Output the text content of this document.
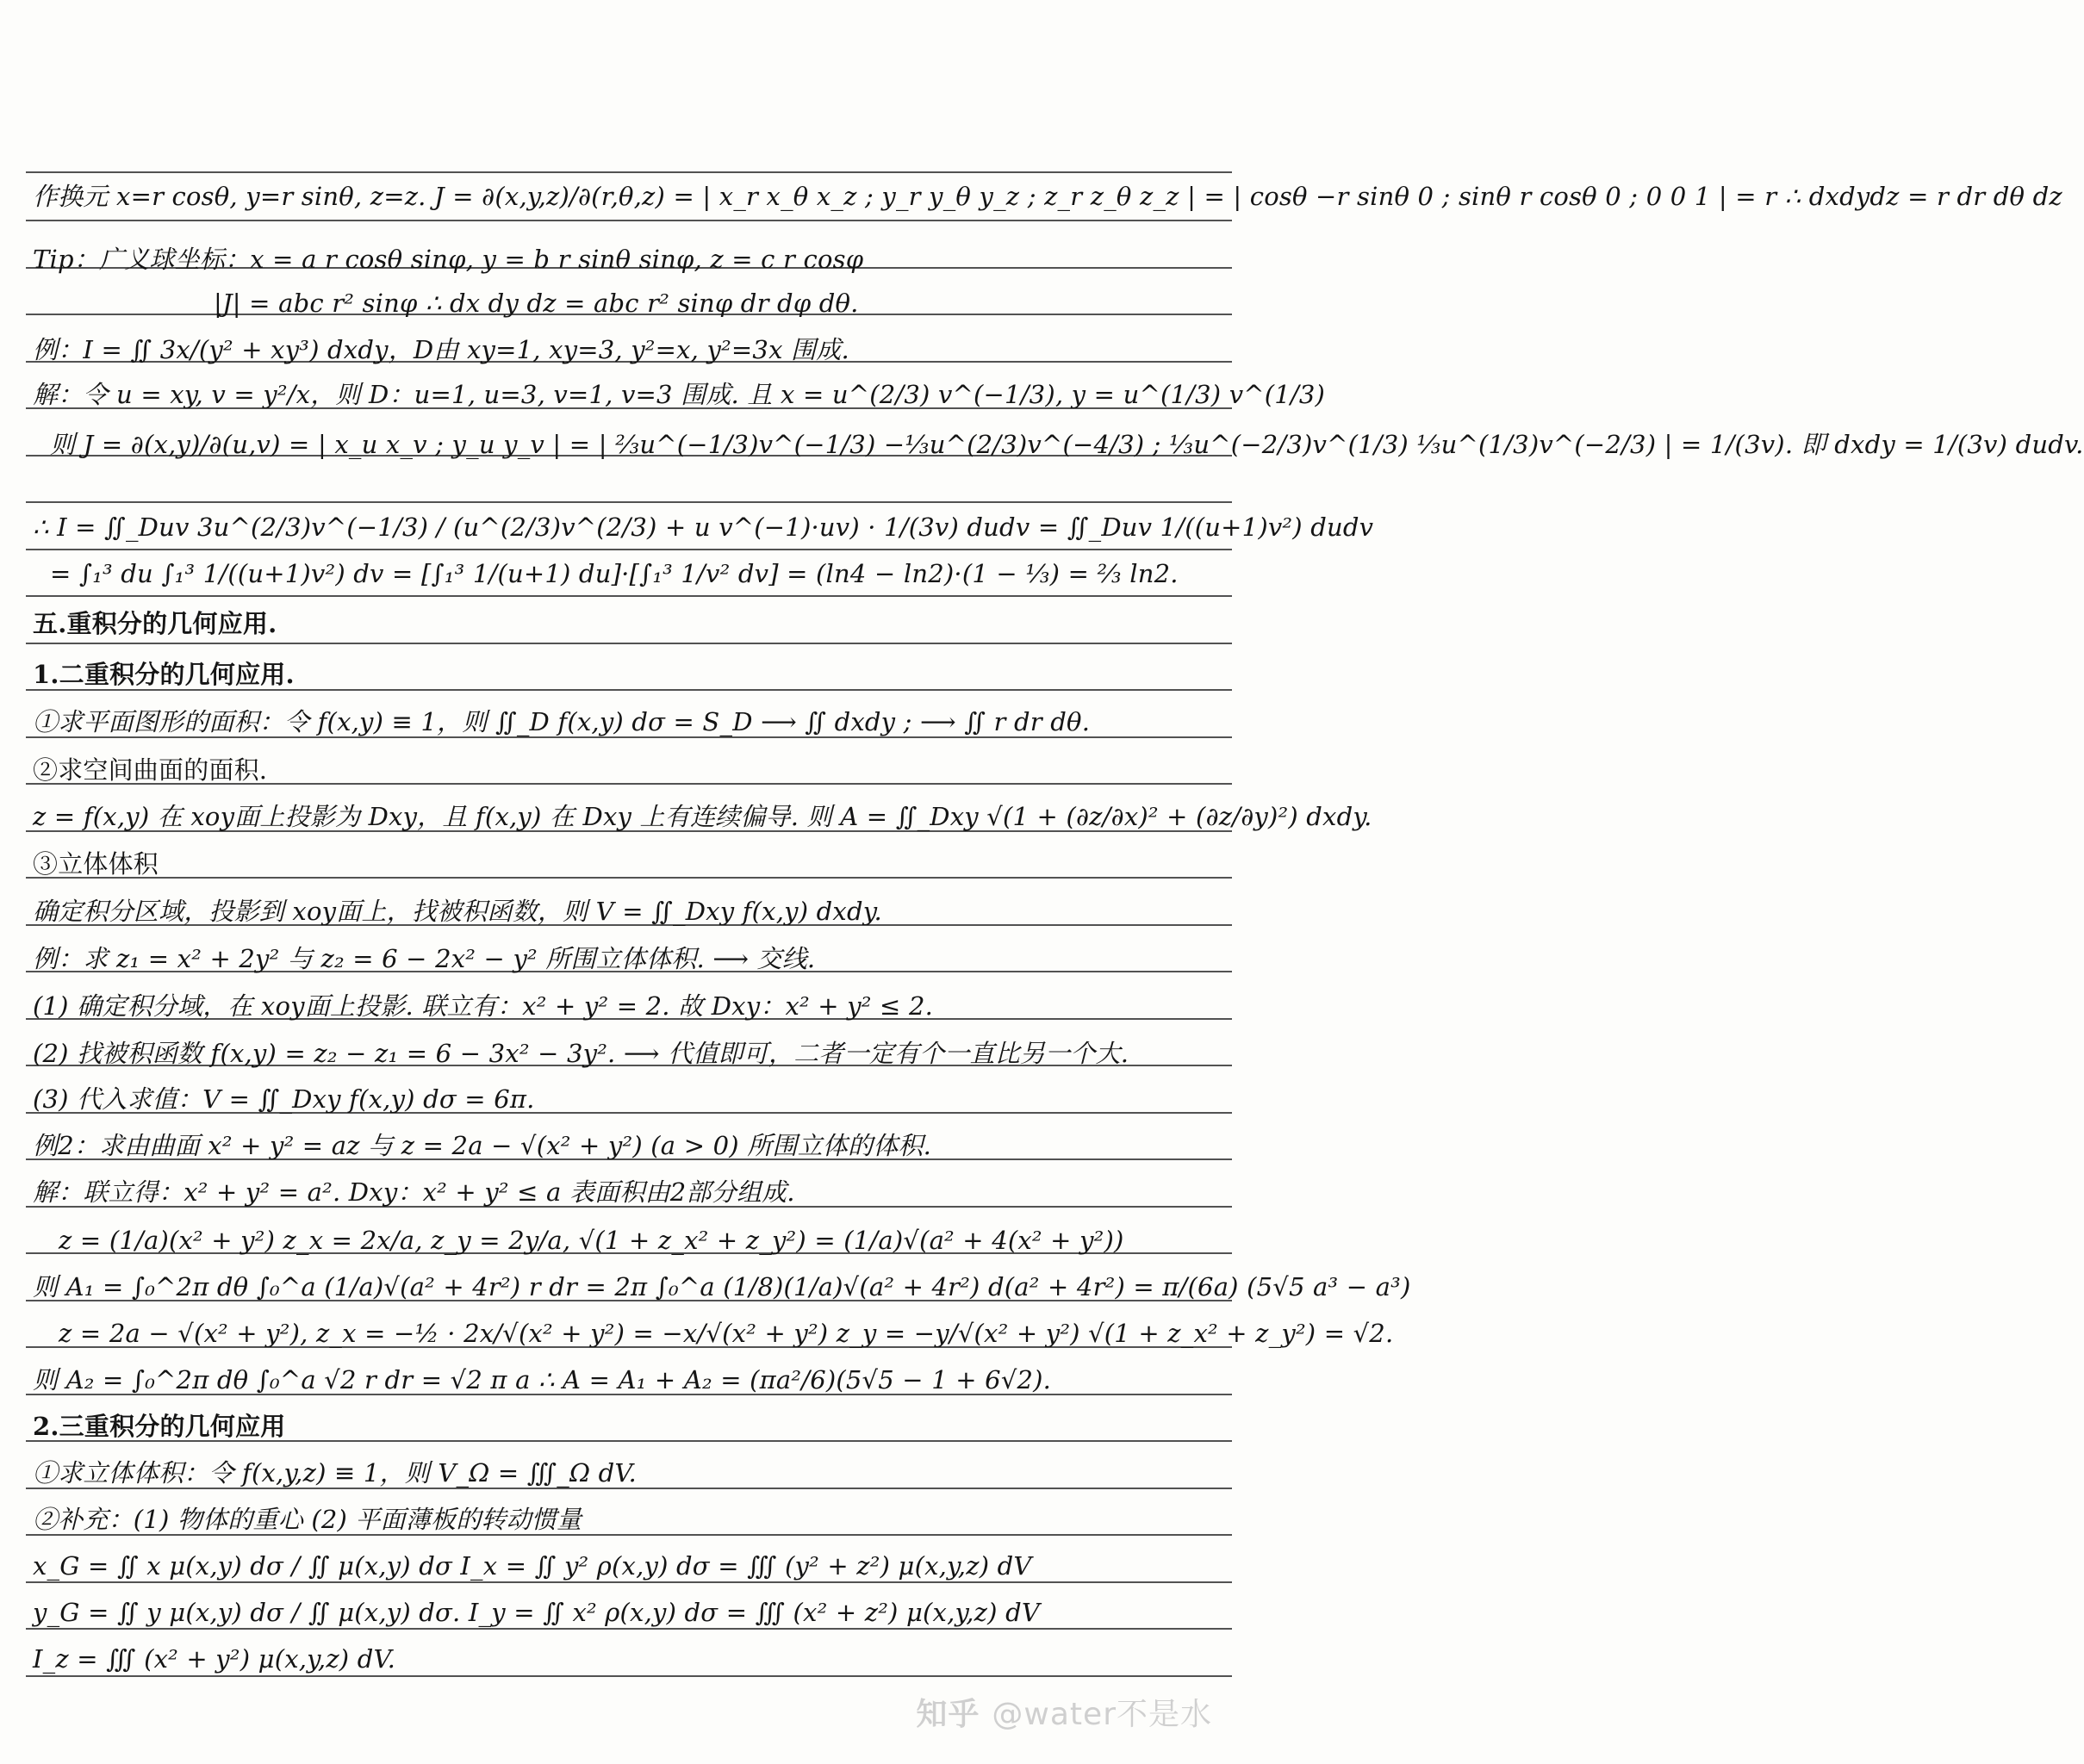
作换元 x=r cosθ, y=r sinθ, z=z. J = ∂(x,y,z)/∂(r,θ,z) = | x_r x_θ x_z ; y_r y_θ y_z ; z_r z_θ z_z | = | cosθ −r sinθ 0 ; sinθ r cosθ 0 ; 0 0 1 | = r ∴ dxdydz = r dr dθ dz
Tip：广义球坐标：x = a r cosθ sinφ, y = b r sinθ sinφ, z = c r cosφ
|J| = abc r² sinφ ∴ dx dy dz = abc r² sinφ dr dφ dθ.
例：I = ∬ 3x/(y² + xy³) dxdy，D由 xy=1, xy=3, y²=x, y²=3x 围成.
解：令 u = xy, v = y²/x，则 D：u=1, u=3, v=1, v=3 围成. 且 x = u^(2/3) v^(−1/3), y = u^(1/3) v^(1/3)
则 J = ∂(x,y)/∂(u,v) = | x_u x_v ; y_u y_v | = | ⅔u^(−1/3)v^(−1/3) −⅓u^(2/3)v^(−4/3) ; ⅓u^(−2/3)v^(1/3) ⅓u^(1/3)v^(−2/3) | = 1/(3v). 即 dxdy = 1/(3v) dudv.
∴ I = ∬_Duv 3u^(2/3)v^(−1/3) / (u^(2/3)v^(2/3) + u v^(−1)·uv) · 1/(3v) dudv = ∬_Duv 1/((u+1)v²) dudv
= ∫₁³ du ∫₁³ 1/((u+1)v²) dv = [∫₁³ 1/(u+1) du]·[∫₁³ 1/v² dv] = (ln4 − ln2)·(1 − ⅓) = ⅔ ln2.
五.重积分的几何应用.
1.二重积分的几何应用.
①求平面图形的面积：令 f(x,y) ≡ 1，则 ∬_D f(x,y) dσ = S_D ⟶ ∬ dxdy ; ⟶ ∬ r dr dθ.
②求空间曲面的面积.
z = f(x,y) 在 xoy面上投影为 Dxy，且 f(x,y) 在 Dxy 上有连续偏导. 则 A = ∬_Dxy √(1 + (∂z/∂x)² + (∂z/∂y)²) dxdy.
③立体体积
确定积分区域，投影到 xoy面上，找被积函数，则 V = ∬_Dxy f(x,y) dxdy.
例：求 z₁ = x² + 2y² 与 z₂ = 6 − 2x² − y² 所围立体体积. ⟶ 交线.
(1) 确定积分域，在 xoy面上投影. 联立有：x² + y² = 2. 故 Dxy：x² + y² ≤ 2.
(2) 找被积函数 f(x,y) = z₂ − z₁ = 6 − 3x² − 3y². ⟶ 代值即可，二者一定有个一直比另一个大.
(3) 代入求值：V = ∬_Dxy f(x,y) dσ = 6π.
例2：求由曲面 x² + y² = az 与 z = 2a − √(x² + y²) (a > 0) 所围立体的体积.
解：联立得：x² + y² = a². Dxy：x² + y² ≤ a 表面积由2部分组成.
z = (1/a)(x² + y²) z_x = 2x/a, z_y = 2y/a, √(1 + z_x² + z_y²) = (1/a)√(a² + 4(x² + y²))
则 A₁ = ∫₀^2π dθ ∫₀^a (1/a)√(a² + 4r²) r dr = 2π ∫₀^a (1/8)(1/a)√(a² + 4r²) d(a² + 4r²) = π/(6a) (5√5 a³ − a³)
z = 2a − √(x² + y²), z_x = −½ · 2x/√(x² + y²) = −x/√(x² + y²) z_y = −y/√(x² + y²) √(1 + z_x² + z_y²) = √2.
则 A₂ = ∫₀^2π dθ ∫₀^a √2 r dr = √2 π a ∴ A = A₁ + A₂ = (πa²/6)(5√5 − 1 + 6√2).
2.三重积分的几何应用
①求立体体积：令 f(x,y,z) ≡ 1，则 V_Ω = ∭_Ω dV.
②补充：(1) 物体的重心 (2) 平面薄板的转动惯量
x_G = ∬ x μ(x,y) dσ / ∬ μ(x,y) dσ I_x = ∬ y² ρ(x,y) dσ = ∭ (y² + z²) μ(x,y,z) dV
y_G = ∬ y μ(x,y) dσ / ∬ μ(x,y) dσ. I_y = ∬ x² ρ(x,y) dσ = ∭ (x² + z²) μ(x,y,z) dV
I_z = ∭ (x² + y²) μ(x,y,z) dV.
知乎 @water不是水
